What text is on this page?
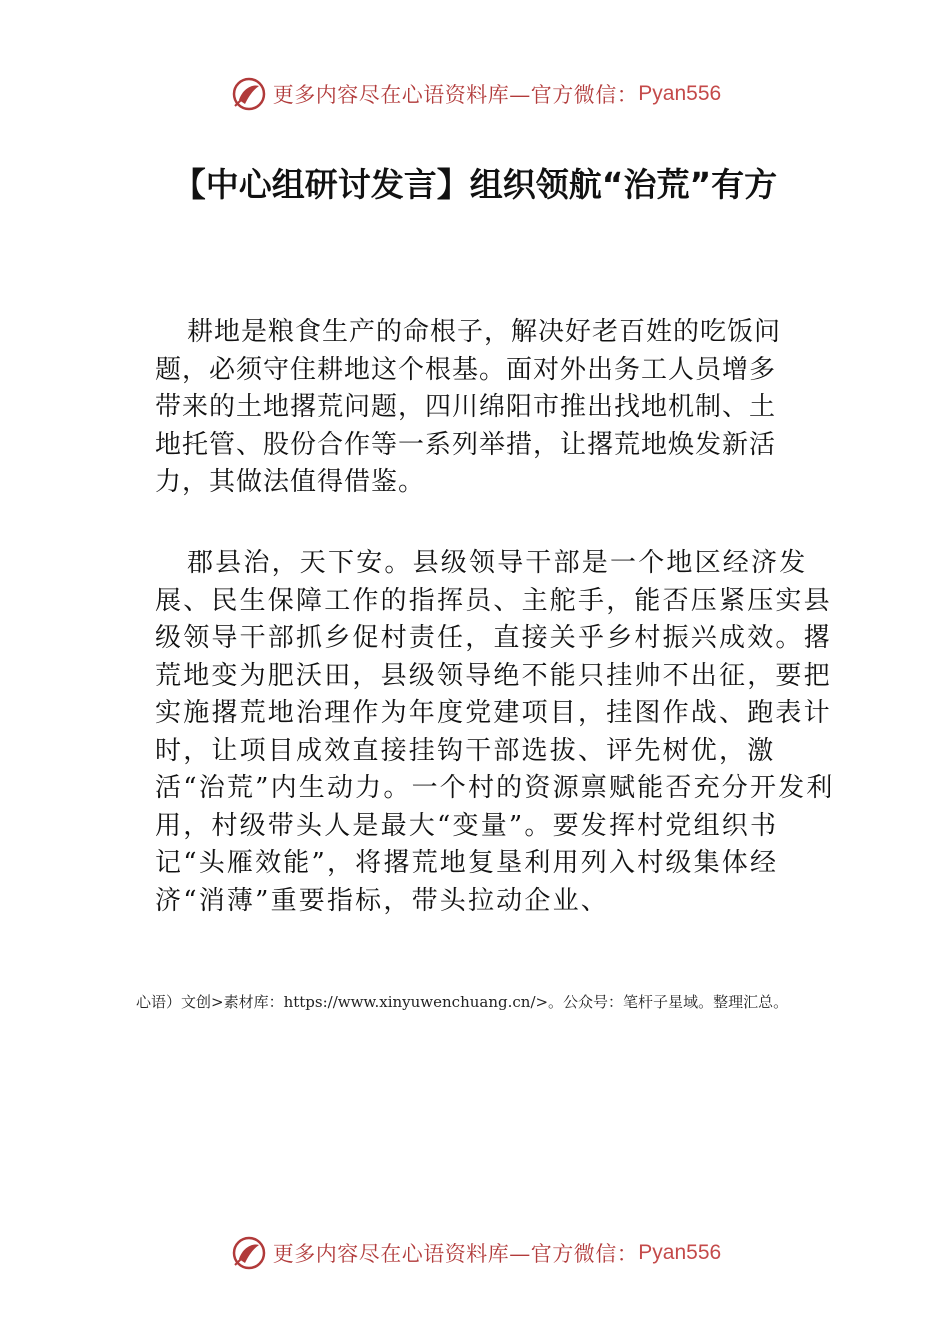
更多内容尽在心语资料库—官方微信： Pyan556
【中心组研讨发言】组织领航“治荒”有方

耕地是粮食生产的命根子，解决好老百姓的吃饭问题，必须守住耕地这个根基。面对外出务工人员增多带来的土地撂荒问题，四川绵阳市推出找地机制、土地托管、股份合作等一系列举措，让撂荒地焕发新活力，其做法值得借鉴。

郡县治，天下安。县级领导干部是一个地区经济发展、民生保障工作的指挥员、主舵手，能否压紧压实县级领导干部抓乡促村责任，直接关乎乡村振兴成效。撂荒地变为肥沃田，县级领导绝不能只挂帅不出征，要把实施撂荒地治理作为年度党建项目，挂图作战、跑表计时，让项目成效直接挂钩干部选拔、评先树优，激活“治荒”内生动力。一个村的资源禀赋能否充分开发利用，村级带头人是最大“变量”。要发挥村党组织书记“头雁效能”，将撂荒地复垦利用列入村级集体经济“消薄”重要指标，带头拉动企业、

心语）文创>素材库：https://www.xinyuwenchuang.cn/>。公众号：笔杆子星域。整理汇总。

更多内容尽在心语资料库—官方微信： Pyan556
